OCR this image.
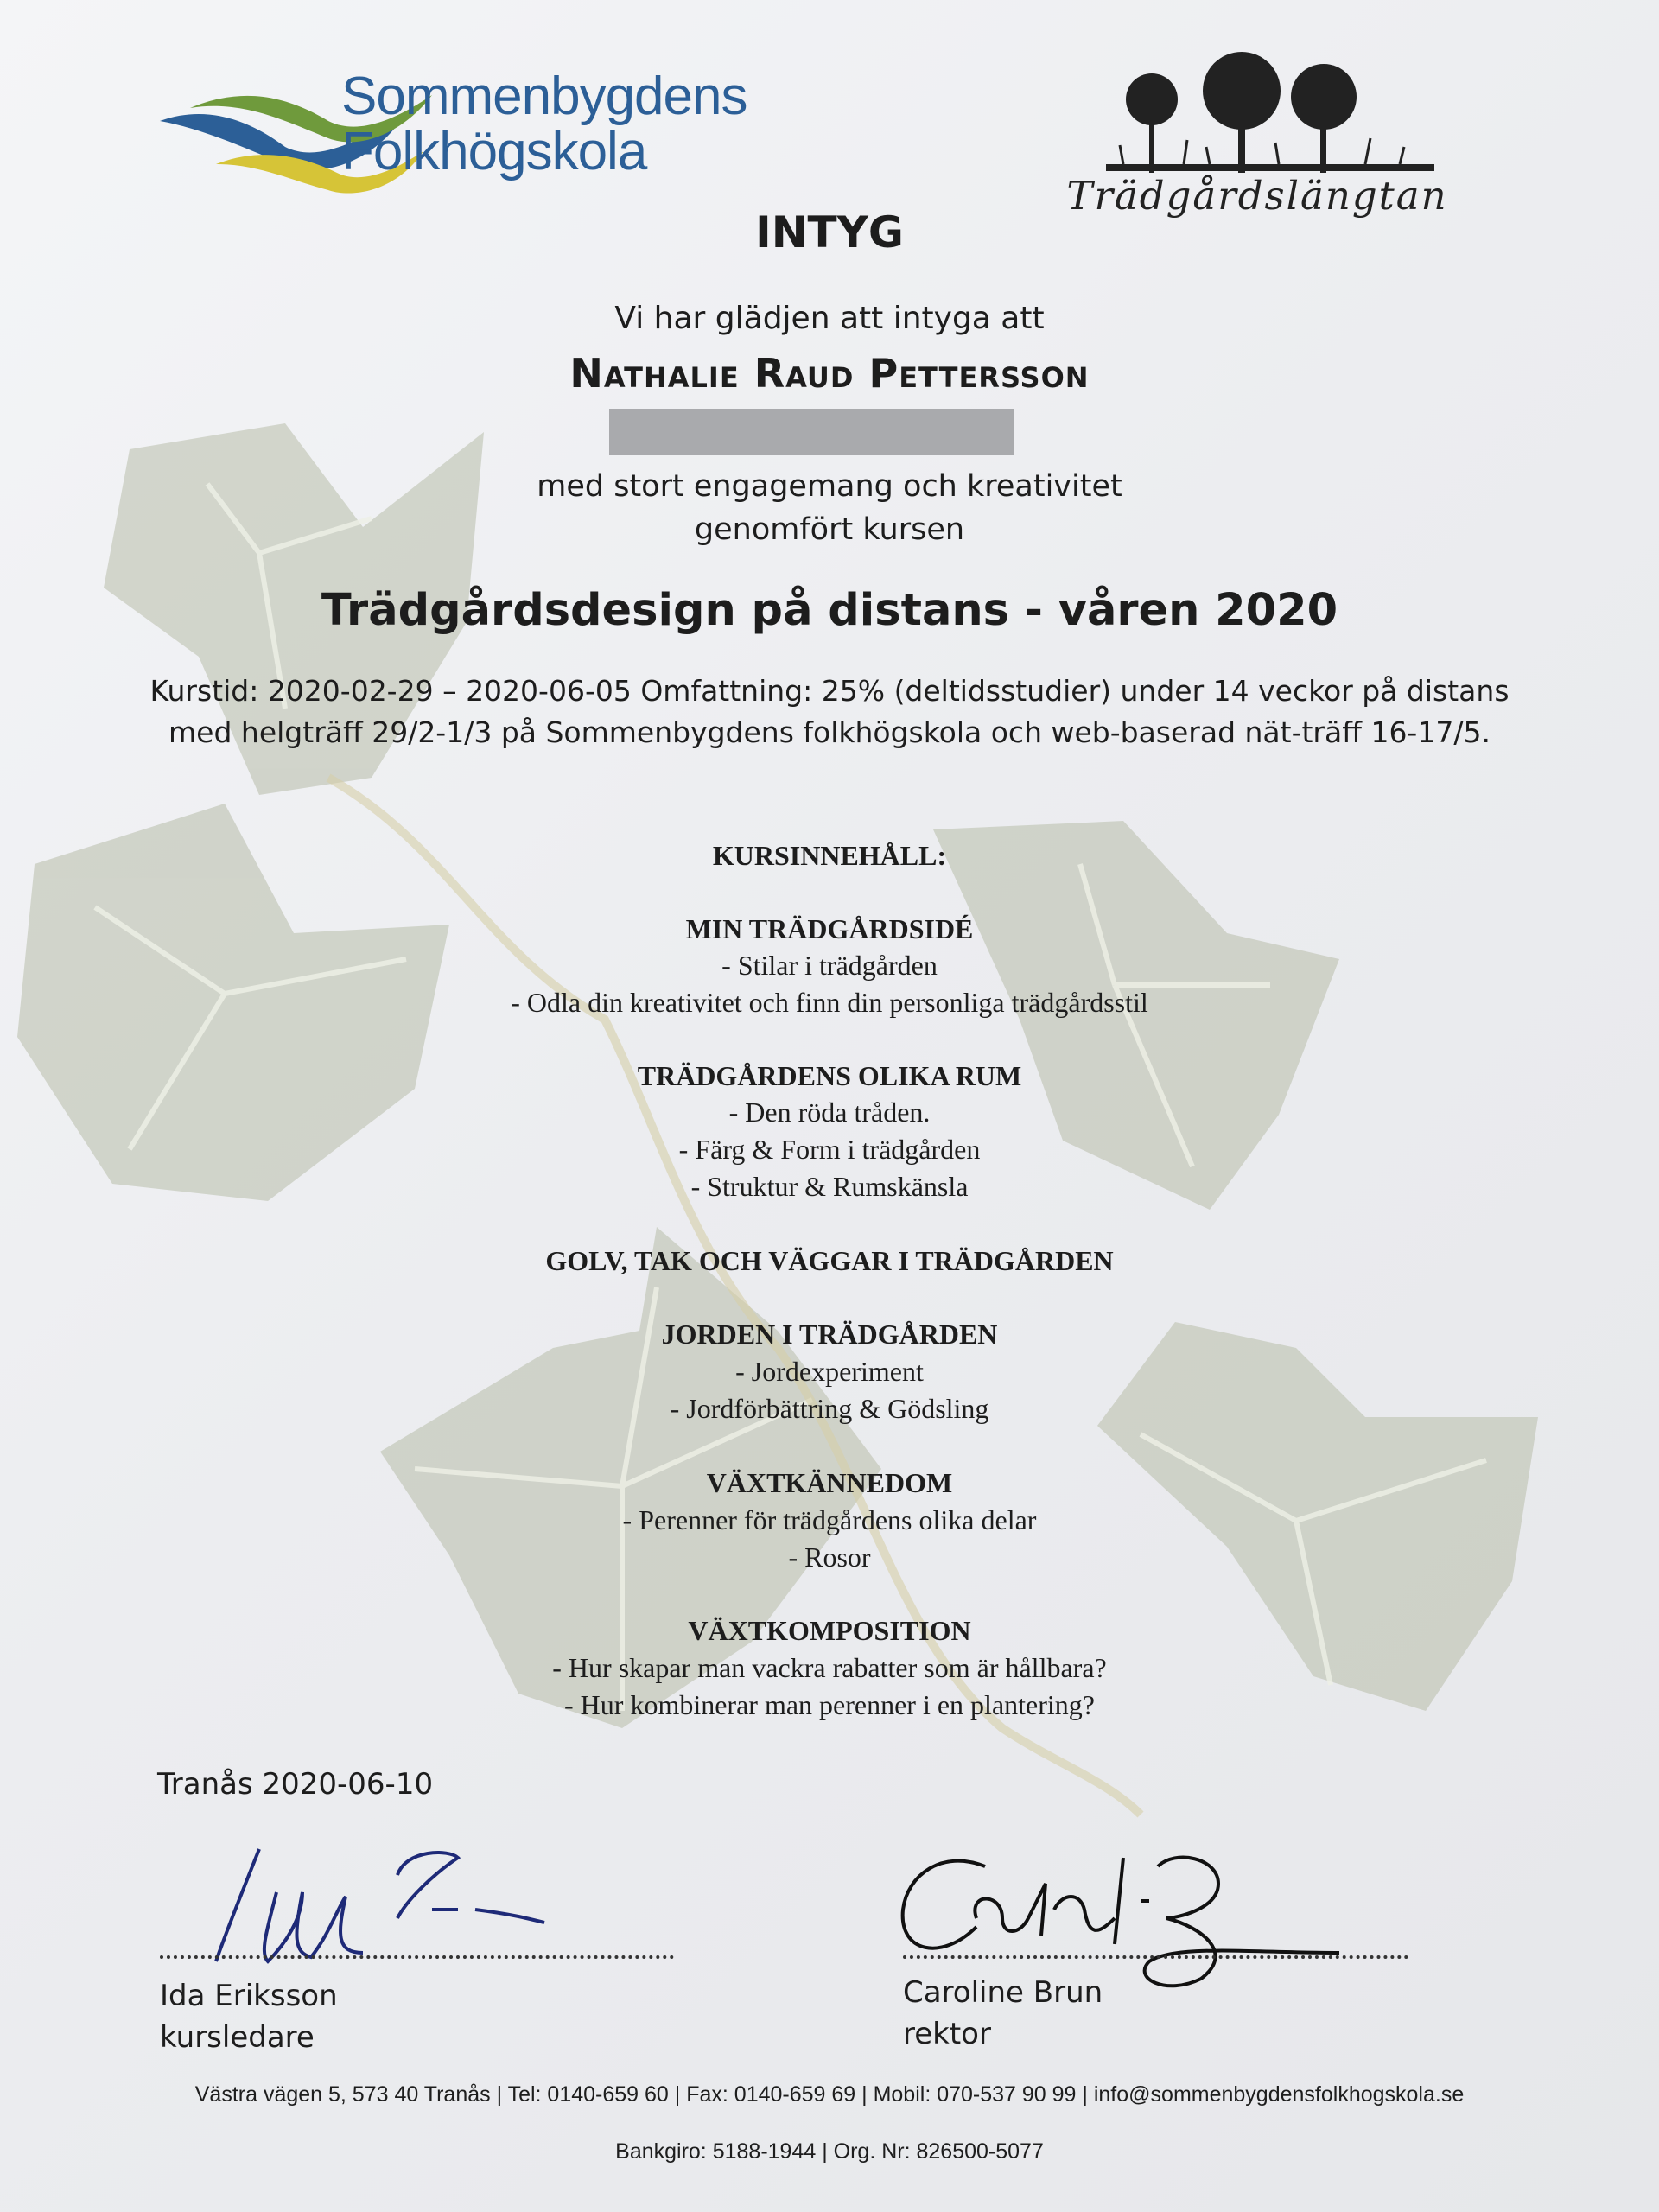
Sommenbygdens
Folkhögskola
Trädgårdslängtan
INTYG
Vi har glädjen att intyga att
Nathalie Raud Pettersson
med stort engagemang och kreativitet
genomfört kursen
Trädgårdsdesign på distans - våren 2020
Kurstid: 2020-02-29 – 2020-06-05 Omfattning: 25% (deltidsstudier) under 14 veckor på distans
med helgträff 29/2-1/3 på Sommenbygdens folkhögskola och web-baserad nät-träff 16-17/5.
KURSINNEHÅLL:
MIN TRÄDGÅRDSIDÉ
- Stilar i trädgården
- Odla din kreativitet och finn din personliga trädgårdsstil
TRÄDGÅRDENS OLIKA RUM
- Den röda tråden.
- Färg & Form i trädgården
- Struktur & Rumskänsla
GOLV, TAK OCH VÄGGAR I TRÄDGÅRDEN
JORDEN I TRÄDGÅRDEN
- Jordexperiment
- Jordförbättring & Gödsling
VÄXTKÄNNEDOM
- Perenner för trädgårdens olika delar
- Rosor
VÄXTKOMPOSITION
- Hur skapar man vackra rabatter som är hållbara?
- Hur kombinerar man perenner i en plantering?
Tranås 2020-06-10
Ida Eriksson
kursledare
Caroline Brun
rektor
Västra vägen 5, 573 40 Tranås | Tel: 0140-659 60 | Fax: 0140-659 69 | Mobil: 070-537 90 99 | info@sommenbygdensfolkhogskola.se
Bankgiro: 5188-1944 | Org. Nr: 826500-5077
